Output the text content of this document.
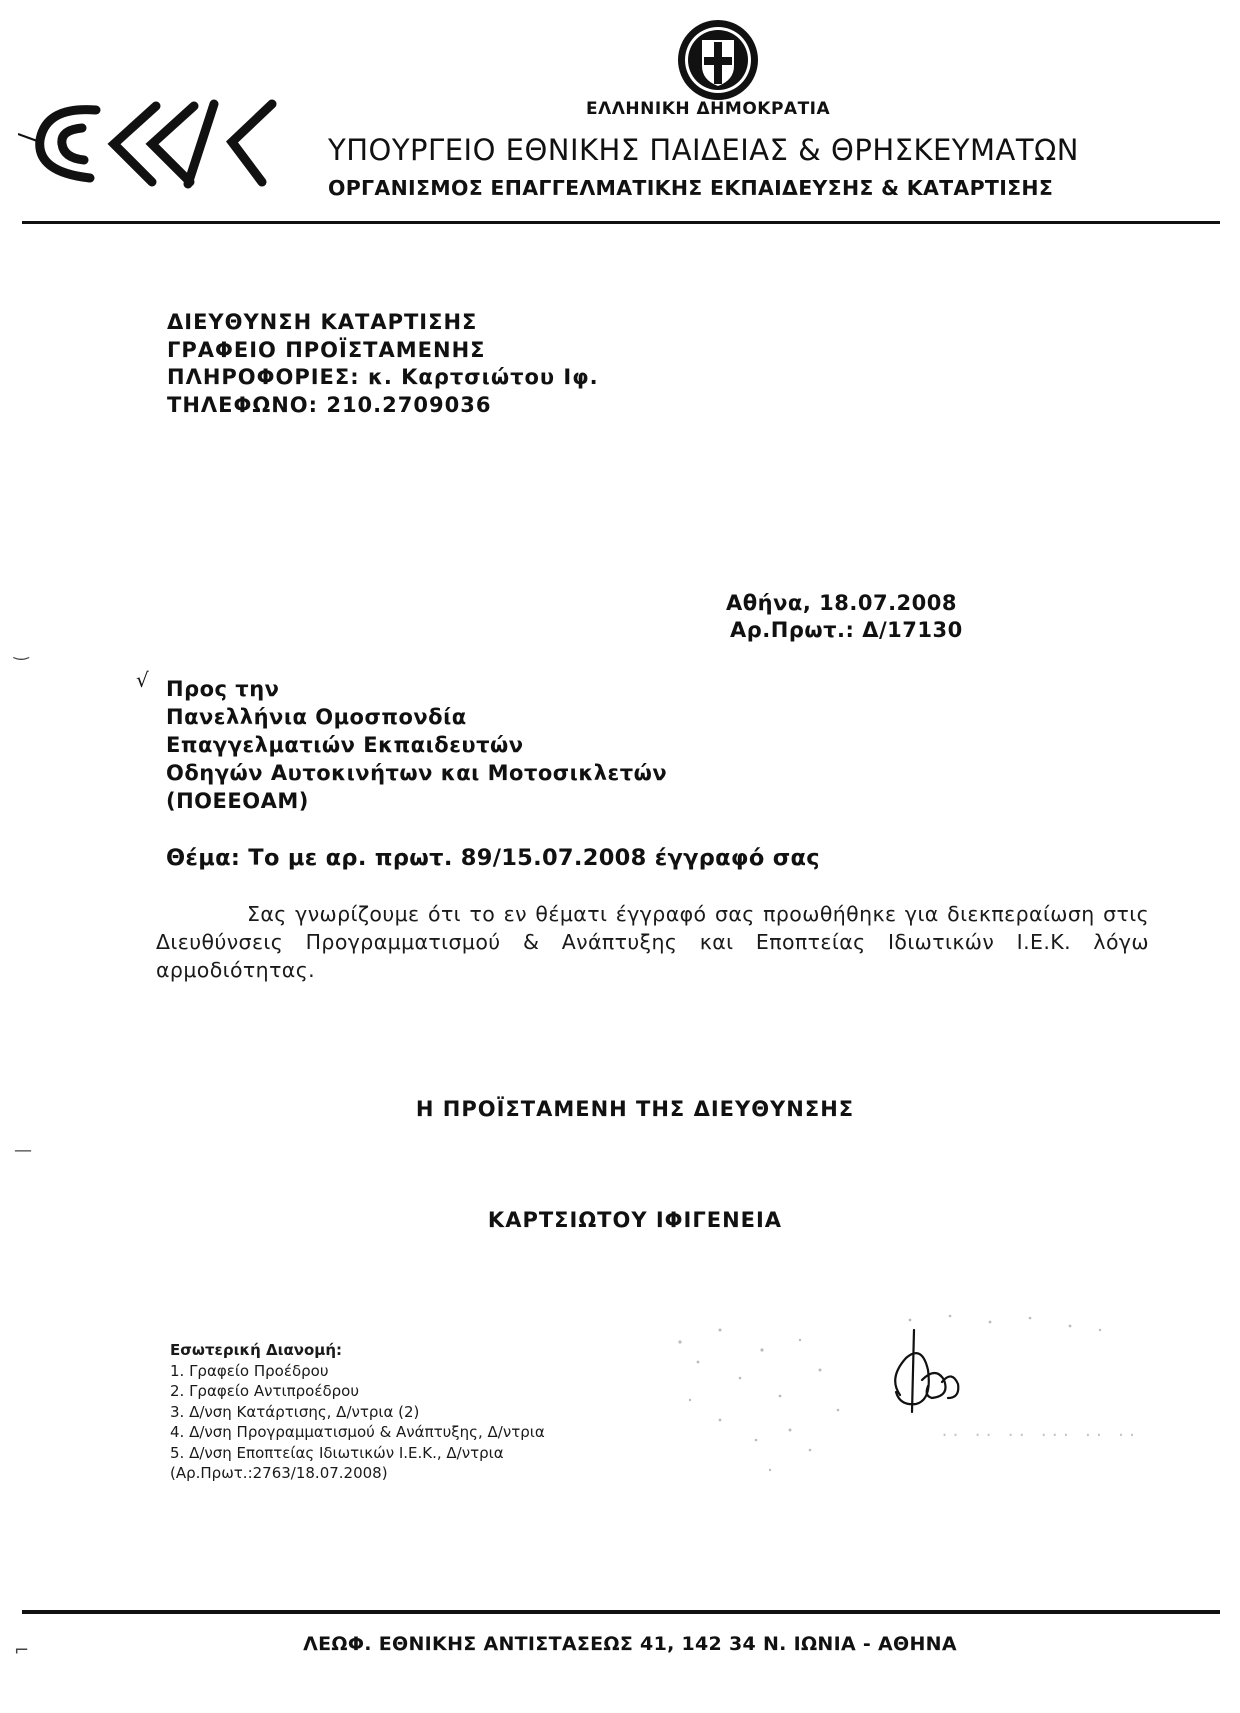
ΕΛΛΗΝΙΚΗ ΔΗΜΟΚΡΑΤΙΑ
ΥΠΟΥΡΓΕΙΟ ΕΘΝΙΚΗΣ ΠΑΙΔΕΙΑΣ & ΘΡΗΣΚΕΥΜΑΤΩΝ
ΟΡΓΑΝΙΣΜΟΣ ΕΠΑΓΓΕΛΜΑΤΙΚΗΣ ΕΚΠΑΙΔΕΥΣΗΣ & ΚΑΤΑΡΤΙΣΗΣ
ΔΙΕΥΘΥΝΣΗ ΚΑΤΑΡΤΙΣΗΣ
ΓΡΑΦΕΙΟ ΠΡΟΪΣΤΑΜΕΝΗΣ
ΠΛΗΡΟΦΟΡΙΕΣ: κ. Καρτσιώτου Ιφ.
ΤΗΛΕΦΩΝΟ: 210.2709036
Αθήνα, 18.07.2008
Αρ.Πρωτ.: Δ/17130
√ Προς την
Πανελλήνια Ομοσπονδία
Επαγγελματιών Εκπαιδευτών
Οδηγών Αυτοκινήτων και Μοτοσικλετών
(ΠΟΕΕΟΑΜ)
Θέμα: Το με αρ. πρωτ. 89/15.07.2008 έγγραφό σας
Σας γνωρίζουμε ότι το εν θέματι έγγραφό σας προωθήθηκε για διεκπεραίωση στις Διευθύνσεις Προγραμματισμού & Ανάπτυξης και Εποπτείας Ιδιωτικών Ι.Ε.Κ. λόγω αρμοδιότητας.
Η ΠΡΟΪΣΤΑΜΕΝΗ ΤΗΣ ΔΙΕΥΘΥΝΣΗΣ
ΚΑΡΤΣΙΩΤΟΥ ΙΦΙΓΕΝΕΙΑ
Εσωτερική Διανομή:
1. Γραφείο Προέδρου
2. Γραφείο Αντιπροέδρου
3. Δ/νση Κατάρτισης, Δ/ντρια (2)
4. Δ/νση Προγραμματισμού & Ανάπτυξης, Δ/ντρια
5. Δ/νση Εποπτείας Ιδιωτικών Ι.Ε.Κ., Δ/ντρια
(Αρ.Πρωτ.:2763/18.07.2008)
·· ·· ·· ··· ·· ··
‿
—
⌐	ΛΕΩΦ. ΕΘΝΙΚΗΣ ΑΝΤΙΣΤΑΣΕΩΣ 41, 142 34 Ν. ΙΩΝΙΑ - ΑΘΗΝΑ
